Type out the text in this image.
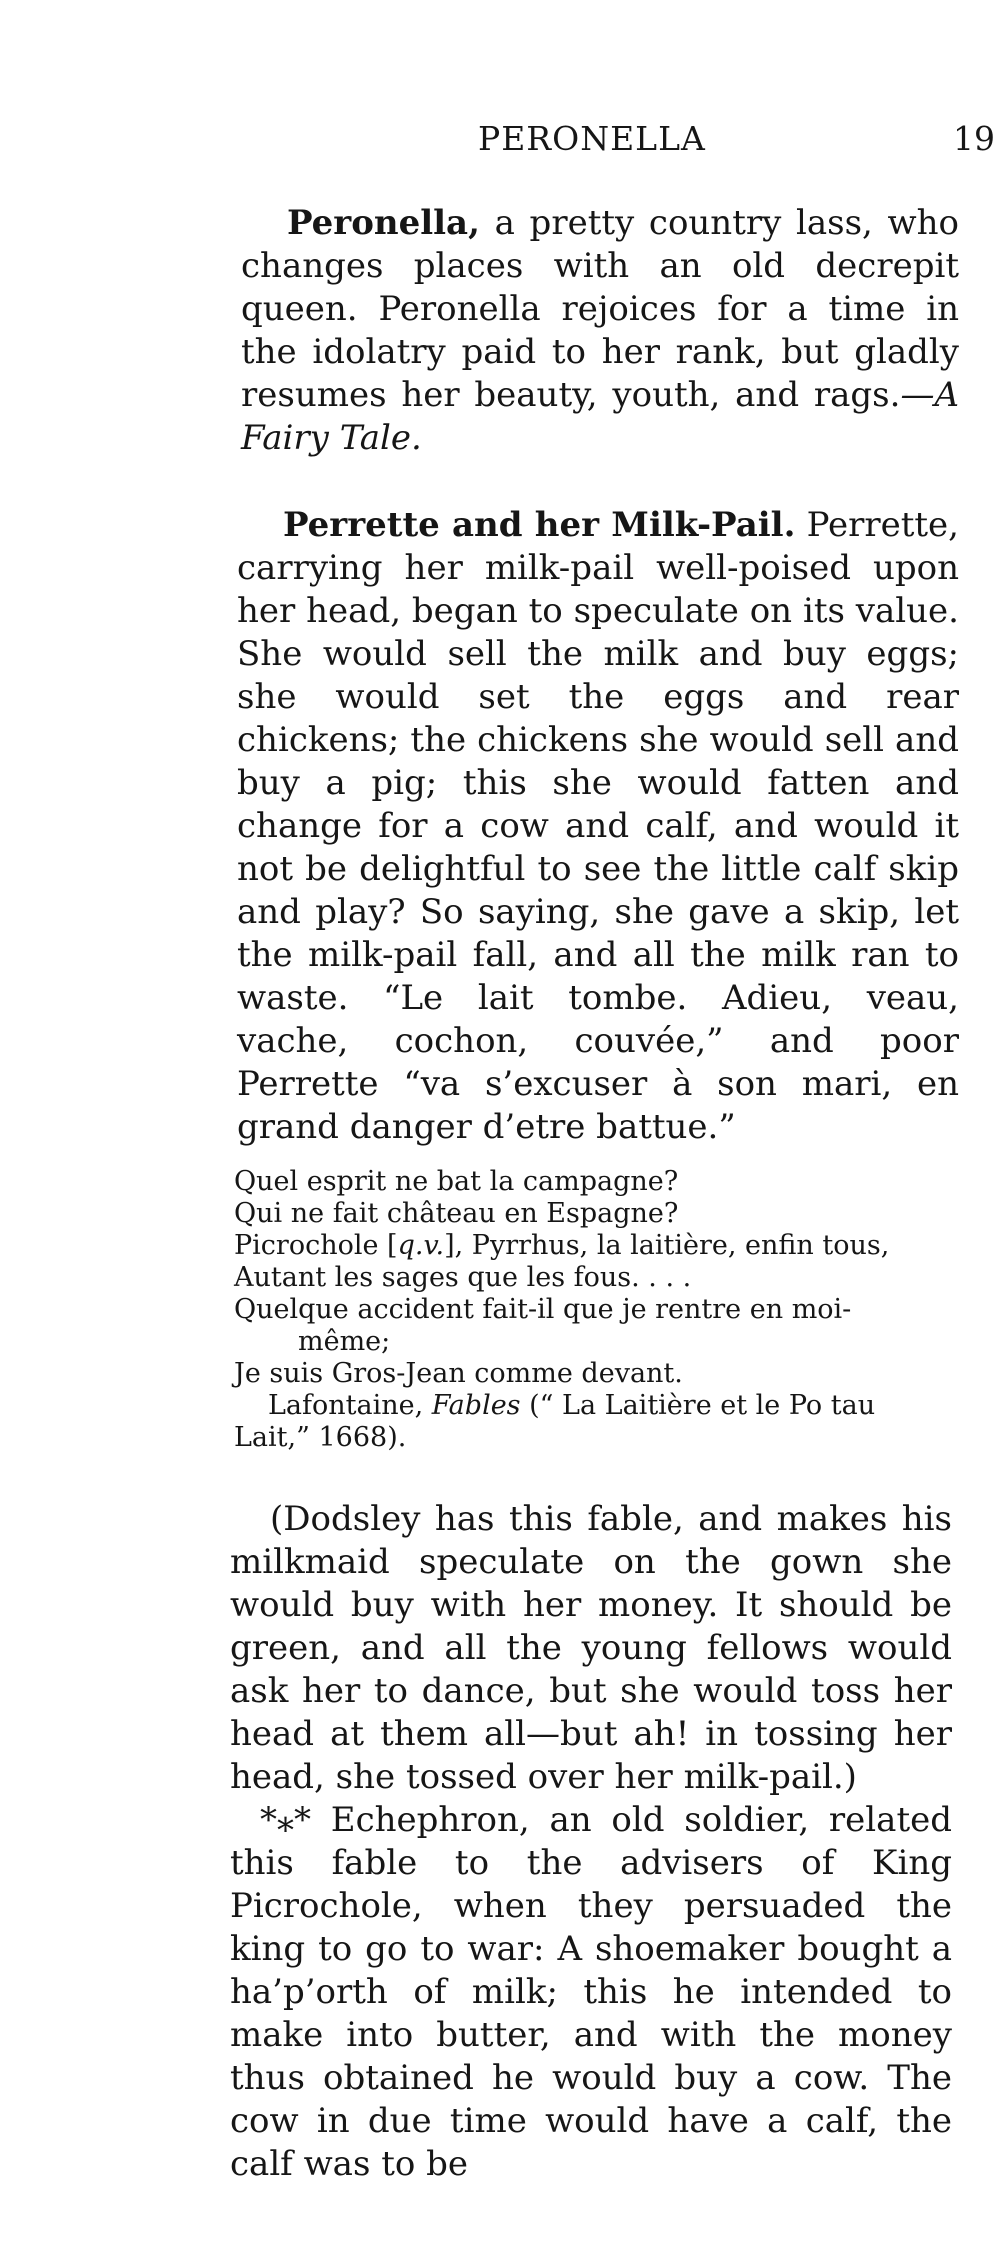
PERONELLA	19

Peronella, a pretty country lass, who changes places with an old decrepit queen. Peronella rejoices for a time in the idolatry paid to her rank, but gladly resumes her beauty, youth, and rags.—A Fairy Tale.

Perrette and her Milk-Pail. Perrette, carrying her milk-pail well-poised upon her head, began to speculate on its value. She would sell the milk and buy eggs; she would set the eggs and rear chickens; the chickens she would sell and buy a pig; this she would fatten and change for a cow and calf, and would it not be delightful to see the little calf skip and play? So saying, she gave a skip, let the milk-pail fall, and all the milk ran to waste. “Le lait tombe. Adieu, veau, vache, cochon, couvée,” and poor Perrette “va s’excuser à son mari, en grand danger d’etre battue.”

Quel esprit ne bat la campagne?
Qui ne fait château en Espagne?
Picrochole [q.v.], Pyrrhus, la laitière, enfin tous,
Autant les sages que les fous. . . .
Quelque accident fait-il que je rentre en moi-
même;
Je suis Gros-Jean comme devant.
Lafontaine, Fables (“ La Laitière et le Po tau
Lait,” 1668).

(Dodsley has this fable, and makes his milkmaid speculate on the gown she would buy with her money. It should be green, and all the young fellows would ask her to dance, but she would toss her head at them all—but ah! in tossing her head, she tossed over her milk-pail.)

*⁎* Echephron, an old soldier, related this fable to the advisers of King Picrochole, when they persuaded the king to go to war: A shoemaker bought a ha’p’orth of milk; this he intended to make into butter, and with the money thus obtained he would buy a cow. The cow in due time would have a calf, the calf was to be
